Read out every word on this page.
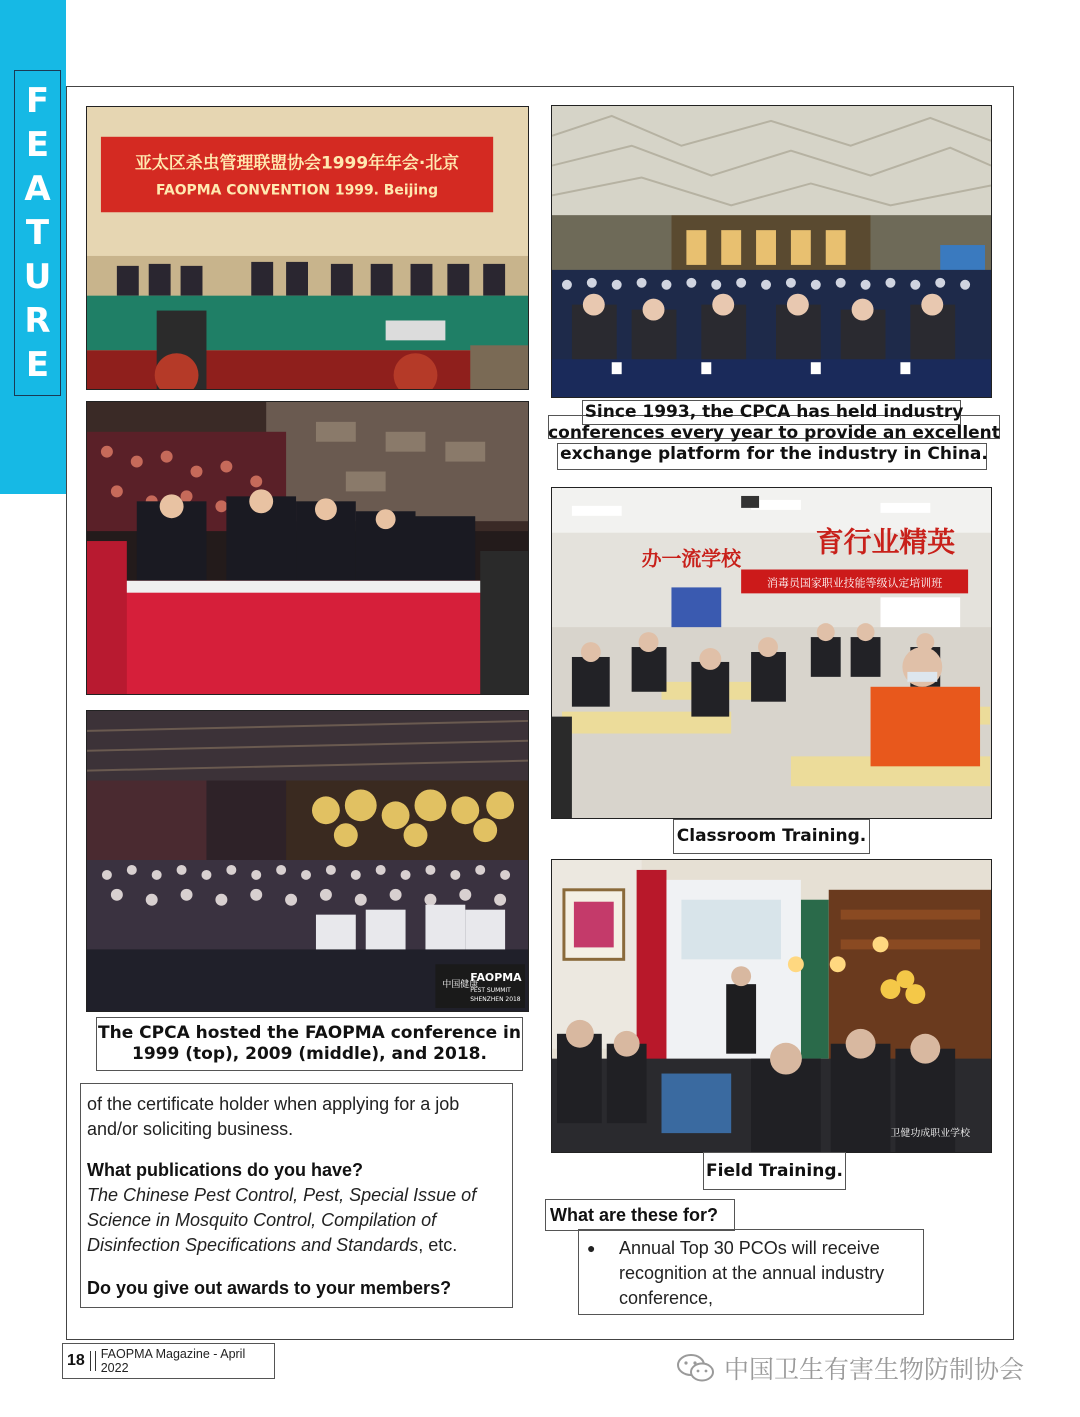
F
E
A
T
U
R
E
亚太区杀虫管理联盟协会1999年年会·北京
FAOPMA CONVENTION 1999. Beijing
中国健康
FAOPMA
PEST SUMMIT
SHENZHEN 2018
办一流学校
育行业精英
消毒员国家职业技能等级认定培训班
卫健功成职业学校
Since 1993, the CPCA has held industry
conferences every year to provide an excellent
exchange platform for the industry in China.
The CPCA hosted the FAOPMA conference in
1999 (top), 2009 (middle), and 2018.
Classroom Training.
Field Training.

of the certificate holder when applying for a job and/or soliciting business.

What publications do you have?

The Chinese Pest Control, Pest, Special Issue of Science in Mosquito Control, Compilation of Disinfection Specifications and Standards, etc.

Do you give out awards to your members?

What are these for?
●	Annual Top 30 PCOs will receive recognition at the annual industry conference,
18 FAOPMA Magazine - April 2022	中国卫生有害生物防制协会
